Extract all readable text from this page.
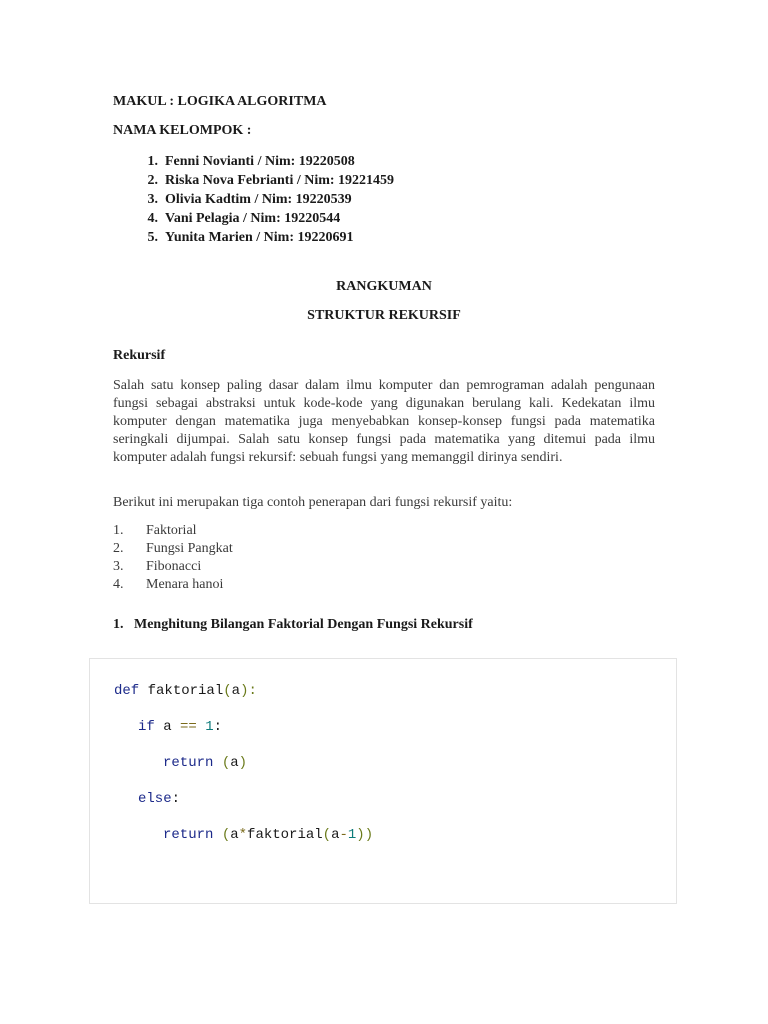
MAKUL : LOGIKA ALGORITMA

NAMA KELOMPOK :

1. Fenni Novianti / Nim: 19220508
2. Riska Nova Febrianti / Nim: 19221459
3. Olivia Kadtim / Nim: 19220539
4. Vani Pelagia / Nim: 19220544
5. Yunita Marien / Nim: 19220691

RANGKUMAN

STRUKTUR REKURSIF

Rekursif

Salah satu konsep paling dasar dalam ilmu komputer dan pemrograman adalah pengunaan fungsi sebagai abstraksi untuk kode-kode yang digunakan berulang kali. Kedekatan ilmu komputer dengan matematika juga menyebabkan konsep-konsep fungsi pada matematika seringkali dijumpai. Salah satu konsep fungsi pada matematika yang ditemui pada ilmu komputer adalah fungsi rekursif: sebuah fungsi yang memanggil dirinya sendiri.

Berikut ini merupakan tiga contoh penerapan dari fungsi rekursif yaitu:

1. Faktorial
2. Fungsi Pangkat
3. Fibonacci
4. Menara hanoi

1. Menghitung Bilangan Faktorial Dengan Fungsi Rekursif

def faktorial(a):

if a == 1:

return (a)

else:

return (a*faktorial(a-1))
